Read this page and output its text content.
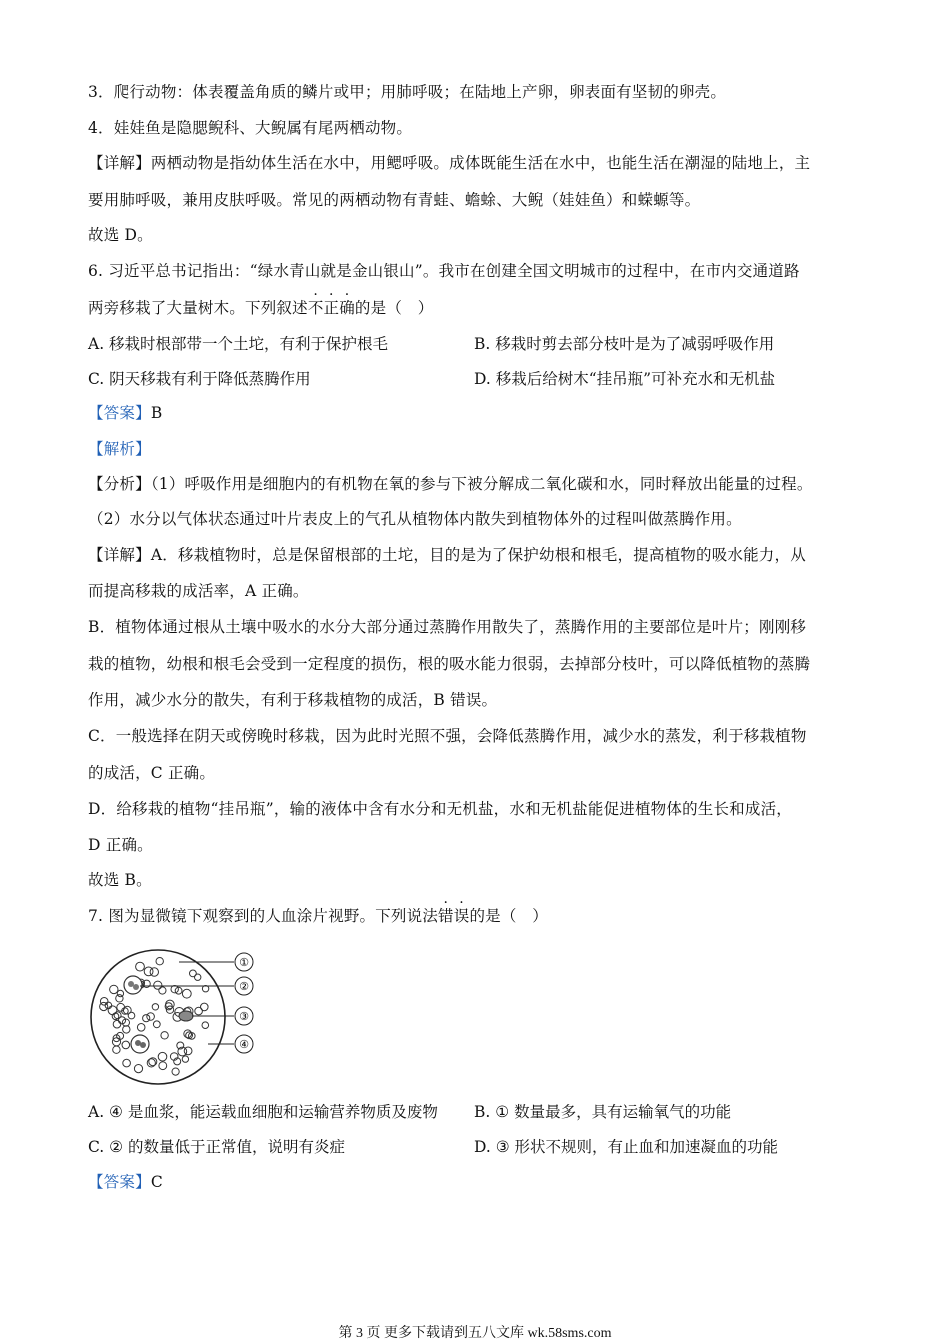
3．爬行动物：体表覆盖角质的鳞片或甲；用肺呼吸；在陆地上产卵，卵表面有坚韧的卵壳。
4．娃娃鱼是隐腮鲵科、大鲵属有尾两栖动物。
【详解】两栖动物是指幼体生活在水中，用鳃呼吸。成体既能生活在水中，也能生活在潮湿的陆地上，主
要用肺呼吸，兼用皮肤呼吸。常见的两栖动物有青蛙、蟾蜍、大鲵（娃娃鱼）和蝾螈等。
故选 D。
6. 习近平总书记指出：“绿水青山就是金山银山”。我市在创建全国文明城市的过程中，在市内交通道路
两旁移栽了大量树木。下列叙述不正确的是（　）
A. 移栽时根部带一个土坨，有利于保护根毛	B. 移栽时剪去部分枝叶是为了减弱呼吸作用
C. 阴天移栽有利于降低蒸腾作用	D. 移栽后给树木“挂吊瓶”可补充水和无机盐
【答案】B
【解析】
【分析】（1）呼吸作用是细胞内的有机物在氧的参与下被分解成二氧化碳和水，同时释放出能量的过程。
（2）水分以气体状态通过叶片表皮上的气孔从植物体内散失到植物体外的过程叫做蒸腾作用。
【详解】A．移栽植物时，总是保留根部的土坨，目的是为了保护幼根和根毛，提高植物的吸水能力，从
而提高移栽的成活率，A 正确。
B．植物体通过根从土壤中吸水的水分大部分通过蒸腾作用散失了，蒸腾作用的主要部位是叶片；刚刚移
栽的植物，幼根和根毛会受到一定程度的损伤，根的吸水能力很弱，去掉部分枝叶，可以降低植物的蒸腾
作用，减少水分的散失，有利于移栽植物的成活，B 错误。
C．一般选择在阴天或傍晚时移栽，因为此时光照不强，会降低蒸腾作用，减少水的蒸发，利于移栽植物
的成活，C 正确。
D．给移栽的植物“挂吊瓶”，输的液体中含有水分和无机盐，水和无机盐能促进植物体的生长和成活，
D 正确。
故选 B。
7. 图为显微镜下观察到的人血涂片视野。下列说法错误的是（　）
①
②
③
④
A. ④ 是血浆，能运载血细胞和运输营养物质及废物 B. ① 数量最多，具有运输氧气的功能
C. ② 的数量低于正常值，说明有炎症	D. ③ 形状不规则，有止血和加速凝血的功能
【答案】C
第 3 页 更多下载请到五八文库 wk.58sms.com
